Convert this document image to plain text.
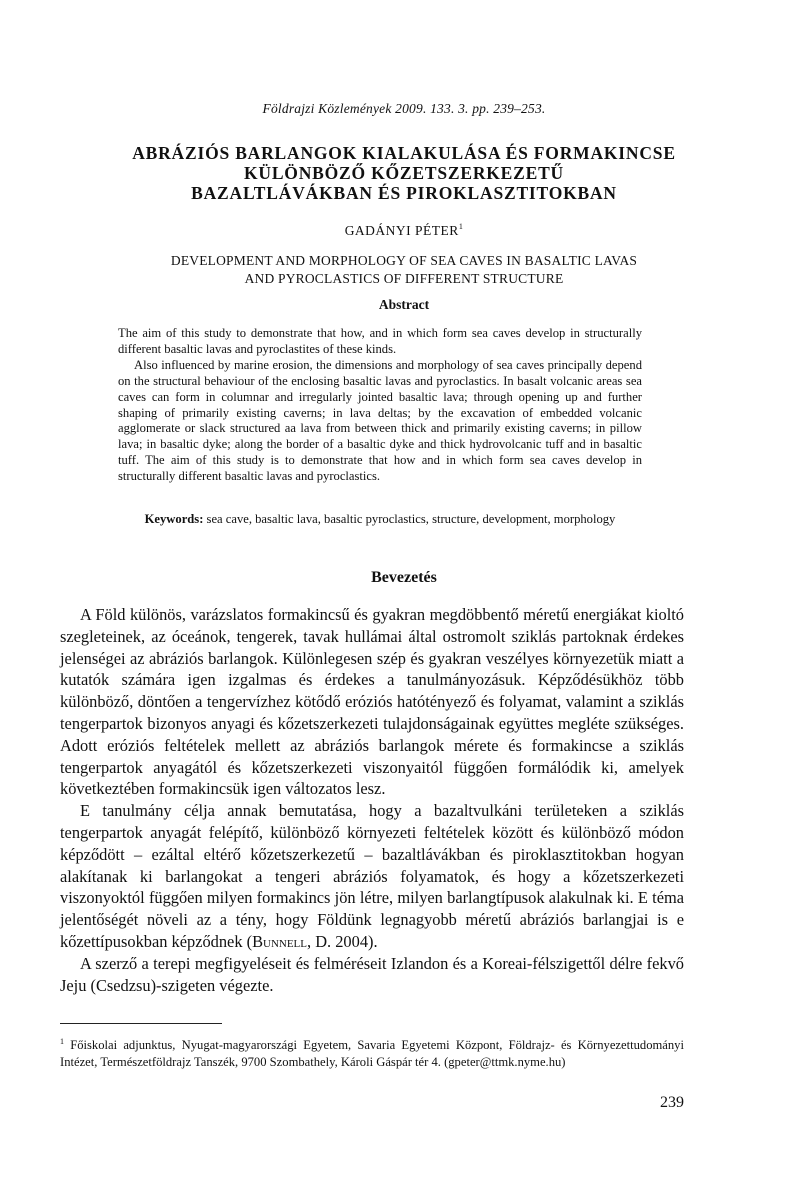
Földrajzi Közlemények 2009. 133. 3. pp. 239–253.
ABRÁZIÓS BARLANGOK KIALAKULÁSA ÉS FORMAKINCSE
KÜLÖNBÖZŐ KŐZETSZERKEZETŰ
BAZALTLÁVÁKBAN ÉS PIROKLASZTITOKBAN
GADÁNYI PÉTER$^1$
DEVELOPMENT AND MORPHOLOGY OF SEA CAVES IN BASALTIC LAVAS
AND PYROCLASTICS OF DIFFERENT STRUCTURE
Abstract

The aim of this study to demonstrate that how, and in which form sea caves develop in structurally different basaltic lavas and pyroclastites of these kinds.

Also influenced by marine erosion, the dimensions and morphology of sea caves principally depend on the structural behaviour of the enclosing basaltic lavas and pyroclastics. In basalt volcanic areas sea caves can form in columnar and irregularly jointed basaltic lava; through opening up and further shaping of primarily existing caverns; in lava deltas; by the excavation of embedded volcanic agglomerate or slack structured aa lava from between thick and primarily existing caverns; in pillow lava; in basaltic dyke; along the border of a basaltic dyke and thick hydrovolcanic tuff and in basaltic tuff. The aim of this study is to demonstrate that how and in which form sea caves develop in structurally different basaltic lavas and pyroclastics.

Keywords: sea cave, basaltic lava, basaltic pyroclastics, structure, development, morphology
Bevezetés

A Föld különös, varázslatos formakincsű és gyakran megdöbbentő méretű energiákat kioltó szegleteinek, az óceánok, tengerek, tavak hullámai által ostromolt sziklás partoknak érdekes jelenségei az abráziós barlangok. Különlegesen szép és gyakran veszélyes környezetük miatt a kutatók számára igen izgalmas és érdekes a tanulmányozásuk. Képződésükhöz több különböző, döntően a tengervízhez kötődő eróziós hatótényező és folyamat, valamint a sziklás tengerpartok bizonyos anyagi és kőzetszerkezeti tulajdonságainak együttes megléte szükséges. Adott eróziós feltételek mellett az abráziós barlangok mérete és formakincse a sziklás tengerpartok anyagától és kőzetszerkezeti viszonyaitól függően formálódik ki, amelyek következtében formakincsük igen változatos lesz.

E tanulmány célja annak bemutatása, hogy a bazaltvulkáni területeken a sziklás tengerpartok anyagát felépítő, különböző környezeti feltételek között és különböző módon képződött – ezáltal eltérő kőzetszerkezetű – bazaltlávákban és piroklasztitokban hogyan alakítanak ki barlangokat a tengeri abráziós folyamatok, és hogy a kőzetszerkezeti viszonyoktól függően milyen formakincs jön létre, milyen barlangtípusok alakulnak ki. E téma jelentőségét növeli az a tény, hogy Földünk legnagyobb méretű abráziós barlangjai is e kőzettípusokban képződnek (Bunnell, D. 2004).

A szerző a terepi megfigyeléseit és felméréseit Izlandon és a Koreai-félszigettől délre fekvő Jeju (Csedzsu)-szigeten végezte.

$^1$ Főiskolai adjunktus, Nyugat-magyarországi Egyetem, Savaria Egyetemi Központ, Földrajz- és Környezettudományi Intézet, Természetföldrajz Tanszék, 9700 Szombathely, Károli Gáspár tér 4. (gpeter@ttmk.nyme.hu)
239
